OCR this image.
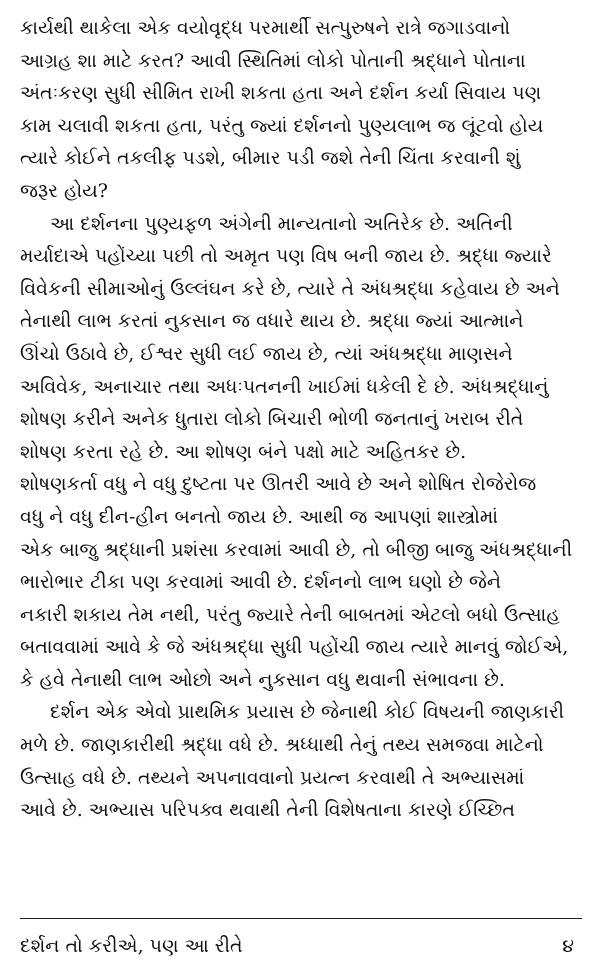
કાર્યથી થાકેલા એક વયોવૃદ્ધ પરમાર્થી સત્પુરુષને રાત્રે જગાડવાનો

આગ્રહ શા માટે કરત? આવી સ્થિતિમાં લોકો પોતાની શ્રદ્ધાને પોતાના

અંતઃકરણ સુધી સીમિત રાખી શકતા હતા અને દર્શન કર્યા સિવાય પણ

કામ ચલાવી શકતા હતા, પરંતુ જ્યાં દર્શનનો પુણ્યલાભ જ લૂંટવો હોય

ત્યારે કોઈને તકલીફ પડશે, બીમાર પડી જશે તેની ચિંતા કરવાની શું

જરૂર હોય?

આ દર્શનના પુણ્યફળ અંગેની માન્યતાનો અતિરેક છે. અતિની

મર્યાદાએ પહોંચ્યા પછી તો અમૃત પણ વિષ બની જાય છે. શ્રદ્ધા જ્યારે

વિવેકની સીમાઓનું ઉલ્લંઘન કરે છે, ત્યારે તે અંધશ્રદ્ધા કહેવાય છે અને

તેનાથી લાભ કરતાં નુકસાન જ વધારે થાય છે. શ્રદ્ધા જ્યાં આત્માને

ઊંચો ઉઠાવે છે, ઈશ્વર સુધી લઈ જાય છે, ત્યાં અંધશ્રદ્ધા માણસને

અવિવેક, અનાચાર તથા અધઃપતનની ખાઈમાં ધકેલી દે છે. અંધશ્રદ્ધાનું

શોષણ કરીને અનેક ધુતારા લોકો બિચારી ભોળી જનતાનું ખરાબ રીતે

શોષણ કરતા રહે છે. આ શોષણ બંને પક્ષો માટે અહિતકર છે.

શોષણકર્તા વધુ ને વધુ દુષ્ટતા પર ઊતરી આવે છે અને શોષિત રોજેરોજ

વધુ ને વધુ દીન-હીન બનતો જાય છે. આથી જ આપણાં શાસ્ત્રોમાં

એક બાજુ શ્રદ્ધાની પ્રશંસા કરવામાં આવી છે, તો બીજી બાજુ અંધશ્રદ્ધાની

ભારોભાર ટીકા પણ કરવામાં આવી છે. દર્શનનો લાભ ઘણો છે જેને

નકારી શકાય તેમ નથી, પરંતુ જ્યારે તેની બાબતમાં એટલો બધો ઉત્સાહ

બતાવવામાં આવે કે જે અંધશ્રદ્ધા સુધી પહોંચી જાય ત્યારે માનવું જોઈએ,

કે હવે તેનાથી લાભ ઓછો અને નુકસાન વધુ થવાની સંભાવના છે.

દર્શન એક એવો પ્રાથમિક પ્રયાસ છે જેનાથી કોઈ વિષયની જાણકારી

મળે છે. જાણકારીથી શ્રદ્ધા વધે છે. શ્રધ્ધાથી તેનું તથ્ય સમજવા માટેનો

ઉત્સાહ વધે છે. તથ્યને અપનાવવાનો પ્રયત્ન કરવાથી તે અભ્યાસમાં

આવે છે. અભ્યાસ પરિપક્વ થવાથી તેની વિશેષતાના કારણે ઈચ્છિત

દર્શન તો કરીએ, પણ આ રીતે	૪
